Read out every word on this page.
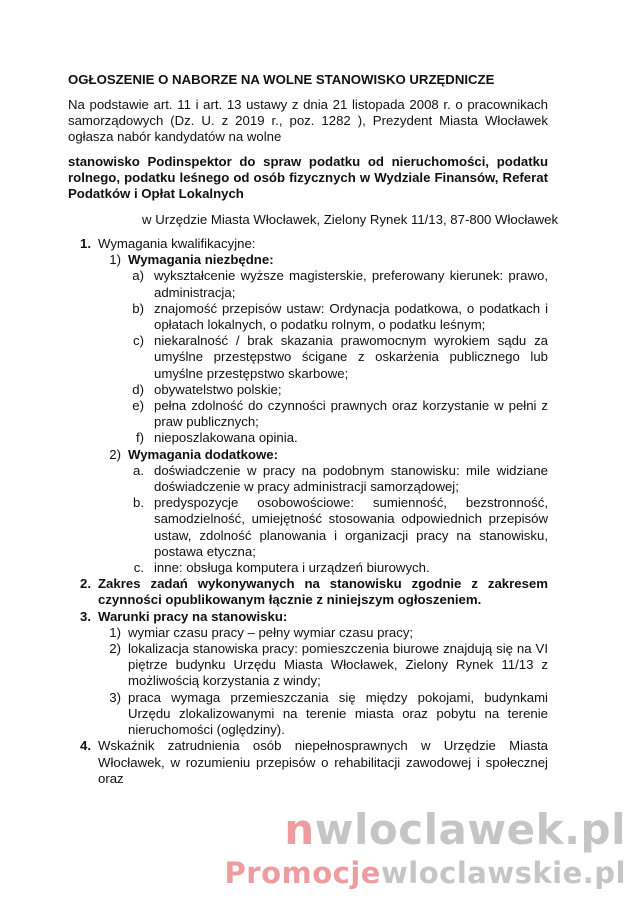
OGŁOSZENIE O NABORZE NA WOLNE STANOWISKO URZĘDNICZE
Na podstawie art. 11 i art. 13 ustawy z dnia 21 listopada 2008 r. o pracownikach samorządowych (Dz. U. z 2019 r., poz. 1282 ), Prezydent Miasta Włocławek ogłasza nabór kandydatów na wolne
stanowisko Podinspektor do spraw podatku od nieruchomości, podatku rolnego, podatku leśnego od osób fizycznych w Wydziale Finansów, Referat Podatków i Opłat Lokalnych
w Urzędzie Miasta Włocławek, Zielony Rynek 11/13, 87-800 Włocławek
1. Wymagania kwalifikacyjne:
1) Wymagania niezbędne:
a) wykształcenie wyższe magisterskie, preferowany kierunek: prawo, administracja;
b) znajomość przepisów ustaw: Ordynacja podatkowa, o podatkach i opłatach lokalnych, o podatku rolnym, o podatku leśnym;
c) niekaralność / brak skazania prawomocnym wyrokiem sądu za umyślne przestępstwo ścigane z oskarżenia publicznego lub umyślne przestępstwo skarbowe;
d) obywatelstwo polskie;
e) pełna zdolność do czynności prawnych oraz korzystanie w pełni z praw publicznych;
f) nieposzlakowana opinia.
2) Wymagania dodatkowe:
a. doświadczenie w pracy na podobnym stanowisku: mile widziane doświadczenie w pracy administracji samorządowej;
b. predyspozycje osobowościowe: sumienność, bezstronność, samodzielność, umiejętność stosowania odpowiednich przepisów ustaw, zdolność planowania i organizacji pracy na stanowisku, postawa etyczna;
c. inne: obsługa komputera i urządzeń biurowych.
2. Zakres zadań wykonywanych na stanowisku zgodnie z zakresem czynności opublikowanym łącznie z niniejszym ogłoszeniem.
3. Warunki pracy na stanowisku:
1) wymiar czasu pracy – pełny wymiar czasu pracy;
2) lokalizacja stanowiska pracy: pomieszczenia biurowe znajdują się na VI piętrze budynku Urzędu Miasta Włocławek, Zielony Rynek 11/13 z możliwością korzystania z windy;
3) praca wymaga przemieszczania się między pokojami, budynkami Urzędu zlokalizowanymi na terenie miasta oraz pobytu na terenie nieruchomości (oględziny).
4. Wskaźnik zatrudnienia osób niepełnosprawnych w Urzędzie Miasta Włocławek, w rozumieniu przepisów o rehabilitacji zawodowej i społecznej oraz
nwloclawek.pl
Promocjewloclawskie.pl
